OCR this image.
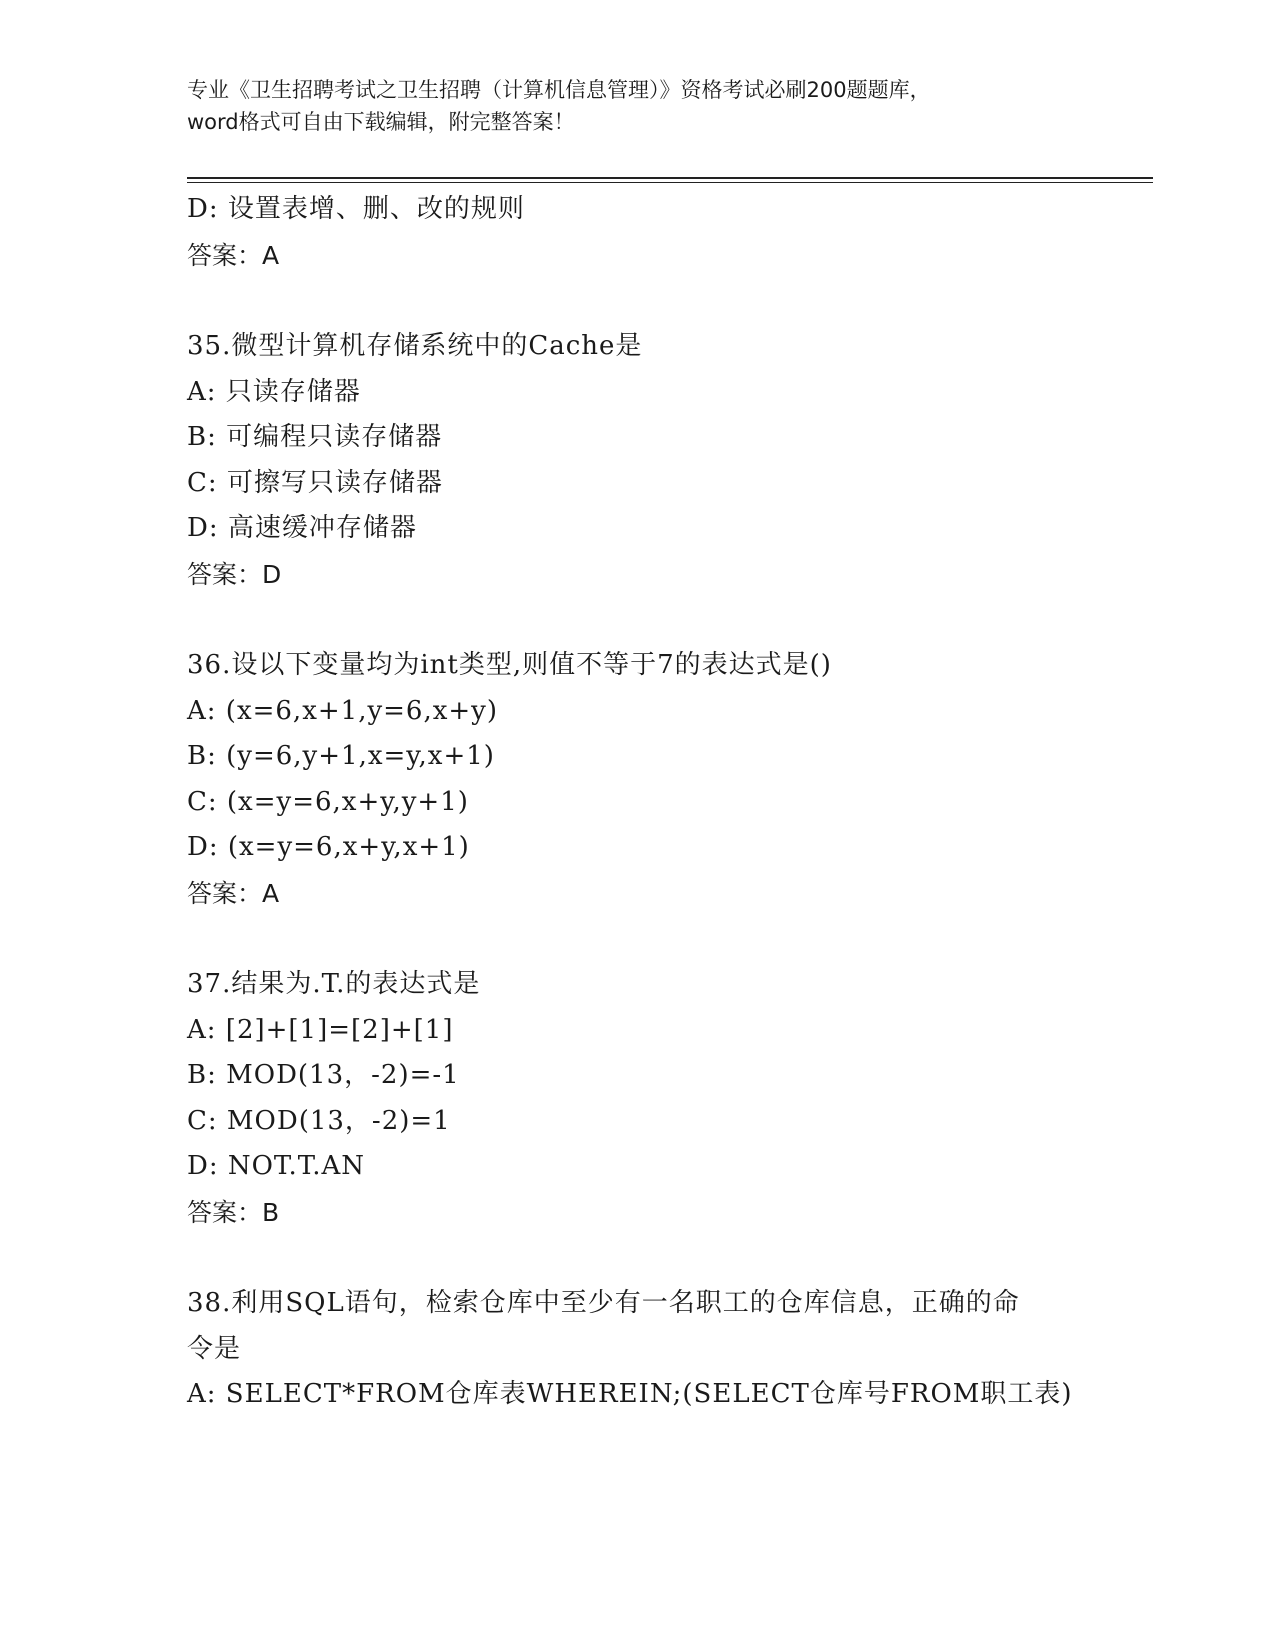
专业《卫生招聘考试之卫生招聘（计算机信息管理）》资格考试必刷200题题库，
word格式可自由下载编辑，附完整答案！
D: 设置表增、删、改的规则
答案：A
35.微型计算机存储系统中的Cache是
A: 只读存储器
B: 可编程只读存储器
C: 可擦写只读存储器
D: 高速缓冲存储器
答案：D
36.设以下变量均为int类型,则值不等于7的表达式是()
A: (x=6,x+1,y=6,x+y)
B: (y=6,y+1,x=y,x+1)
C: (x=y=6,x+y,y+1)
D: (x=y=6,x+y,x+1)
答案：A
37.结果为.T.的表达式是
A: [2]+[1]=[2]+[1]
B: MOD(13，-2)=-1
C: MOD(13，-2)=1
D: NOT.T.AN
答案：B
38.利用SQL语句，检索仓库中至少有一名职工的仓库信息，正确的命
令是
A: SELECT*FROM仓库表WHEREIN;(SELECT仓库号FROM职工表)
